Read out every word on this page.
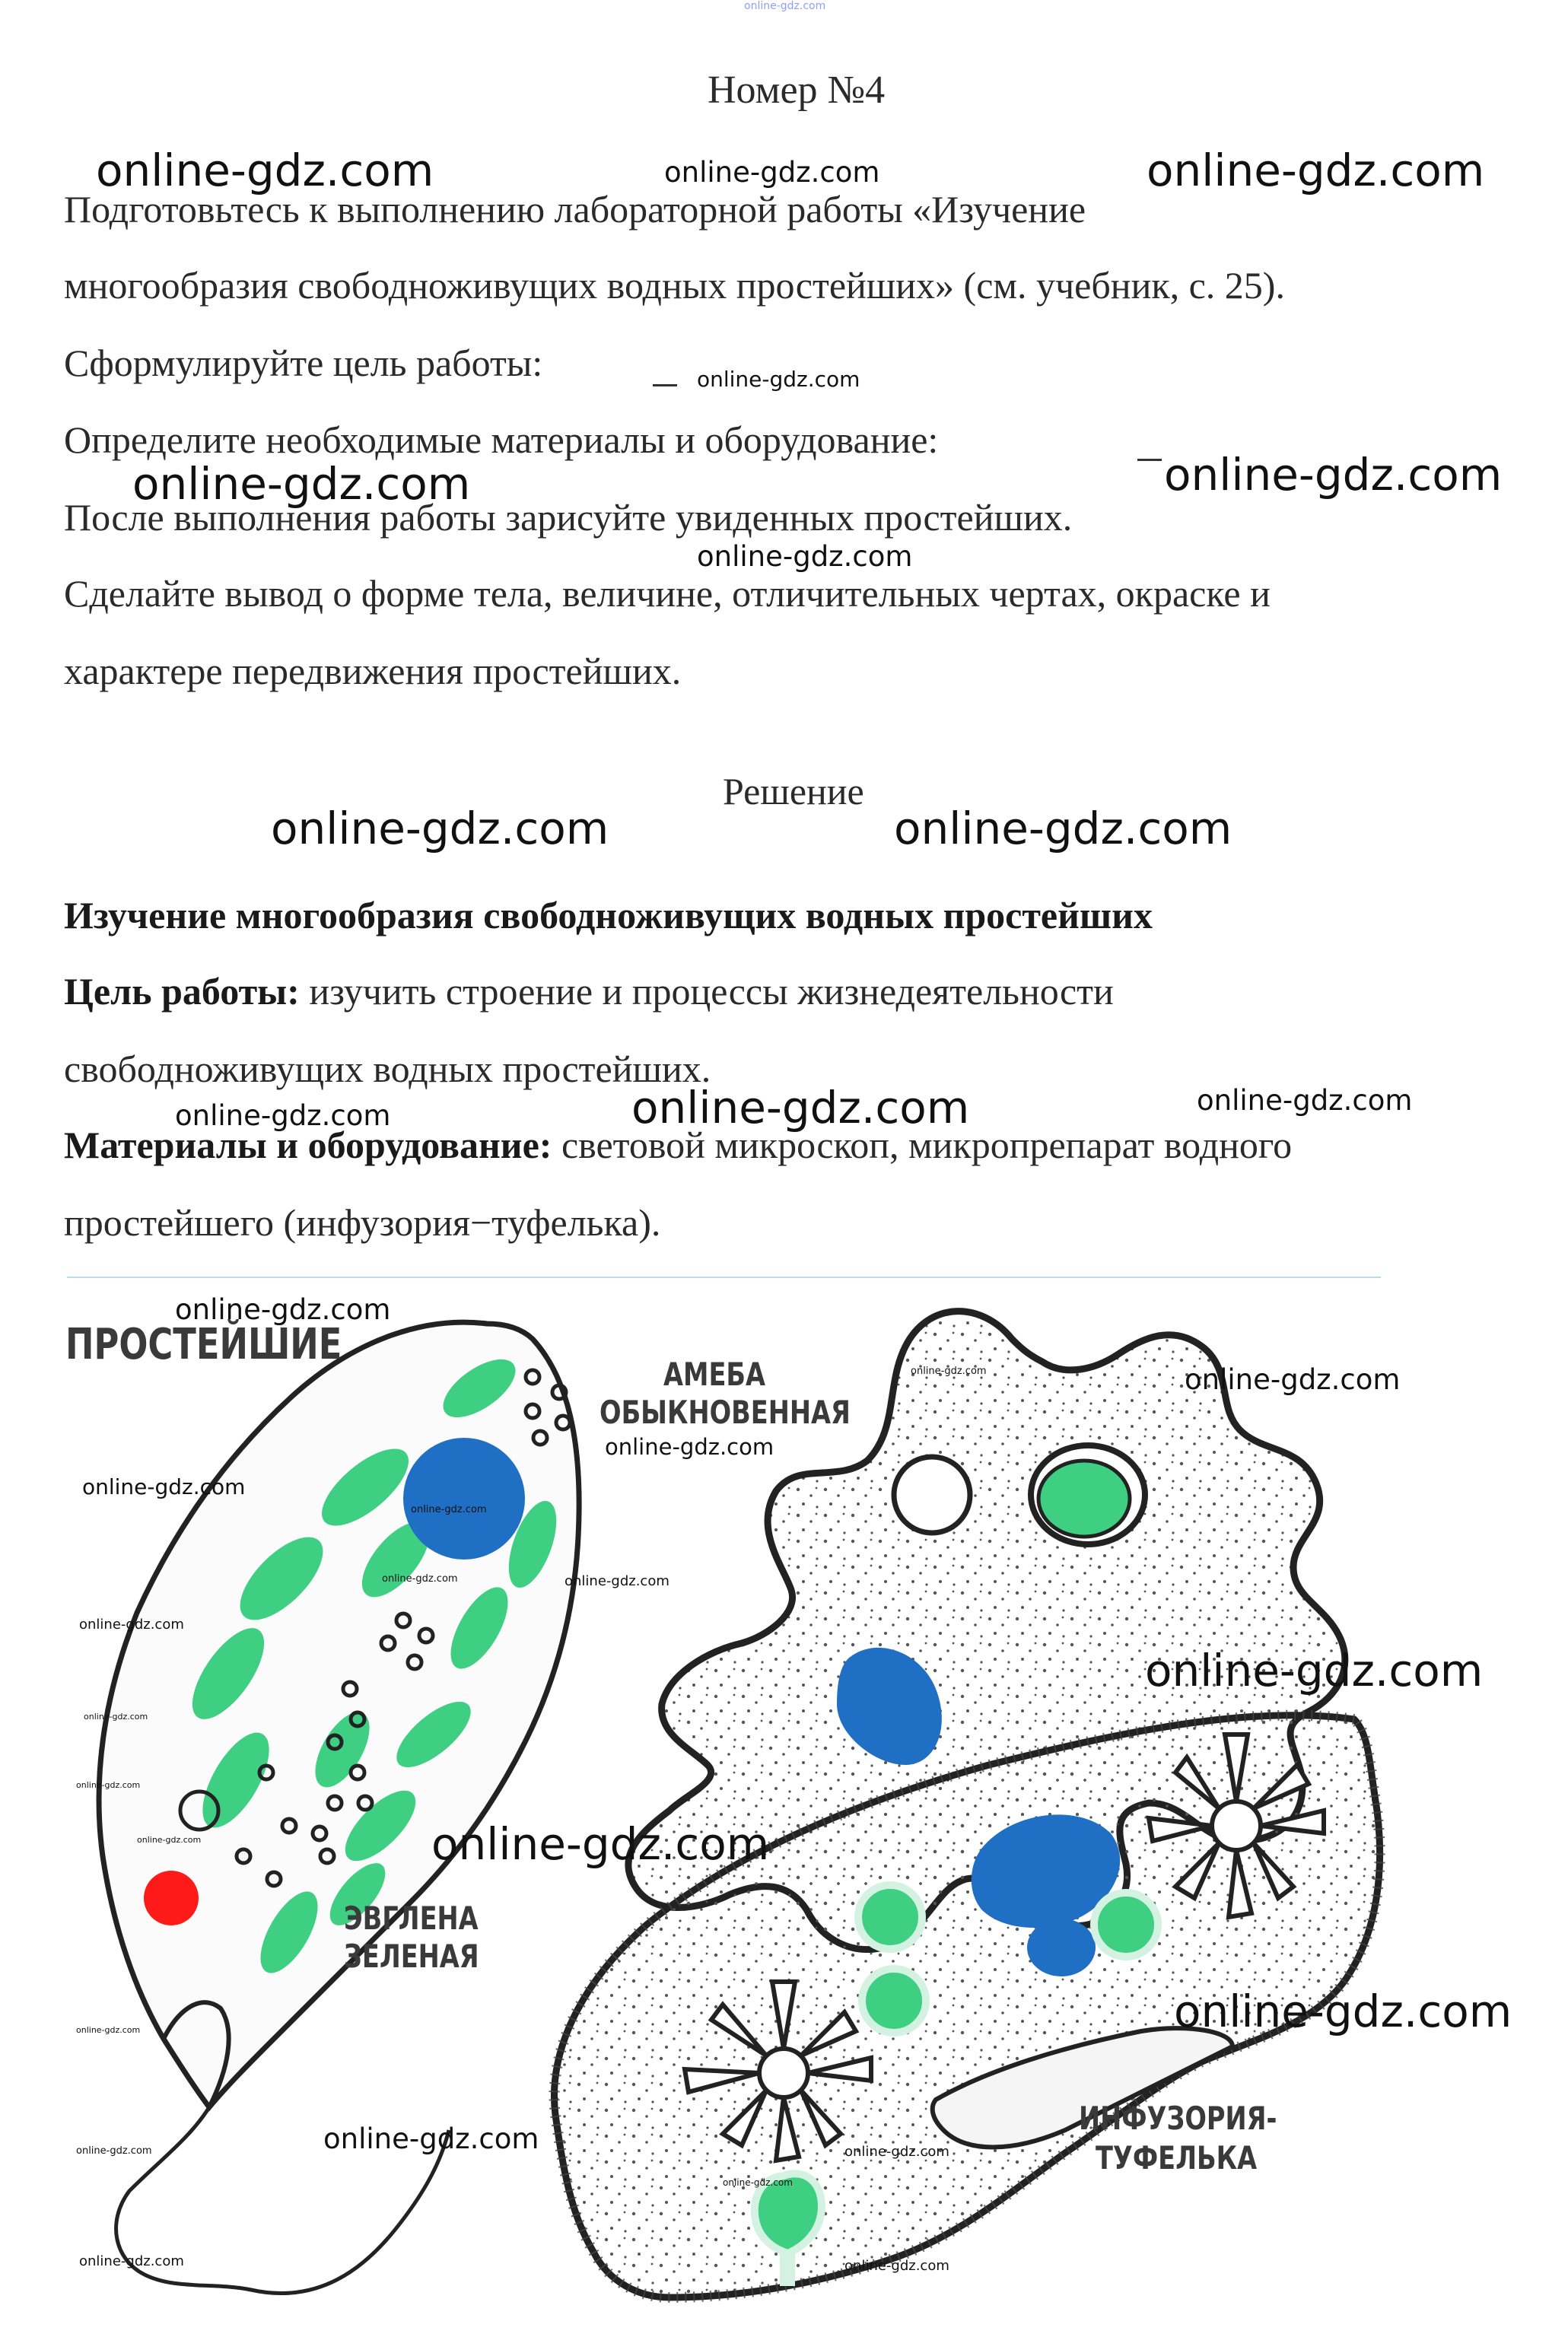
online-gdz.com
Номер №4
Подготовьтесь к выполнению лабораторной работы «Изучение
многообразия свободноживущих водных простейших» (см. учебник, с. 25).
Сформулируйте цель работы:
Определите необходимые материалы и оборудование:
После выполнения работы зарисуйте увиденных простейших.
Сделайте вывод о форме тела, величине, отличительных чертах, окраске и
характере передвижения простейших.
Решение
Изучение многообразия свободноживущих водных простейших
Цель работы: изучить строение и процессы жизнедеятельности
свободноживущих водных простейших.
Материалы и оборудование: световой микроскоп, микропрепарат водного
простейшего (инфузория−туфелька).
ПРОСТЕЙШИЕ
АМЕБА
ОБЫКНОВЕННАЯ
ЭВГЛЕНА
ЗЕЛЕНАЯ
ИНФУЗОРИЯ-
ТУФЕЛЬКА
online-gdz.com	online-gdz.com	online-gdz.com
online-gdz.com
online-gdz.com	online-gdz.com
online-gdz.com
online-gdz.com	online-gdz.com
online-gdz.com	online-gdz.com	online-gdz.com
online-gdz.com
online-gdz.com
online-gdz.com
online-gdz.com
online-gdz.com
online-gdz.com
online-gdz.com	online-gdz.com
online-gdz.com
online-gdz.com
online-gdz.com
online-gdz.com
online-gdz.com	online-gdz.com
online-gdz.com
online-gdz.com
online-gdz.com
online-gdz.com	online-gdz.com
online-gdz.com
online-gdz.com	online-gdz.com
